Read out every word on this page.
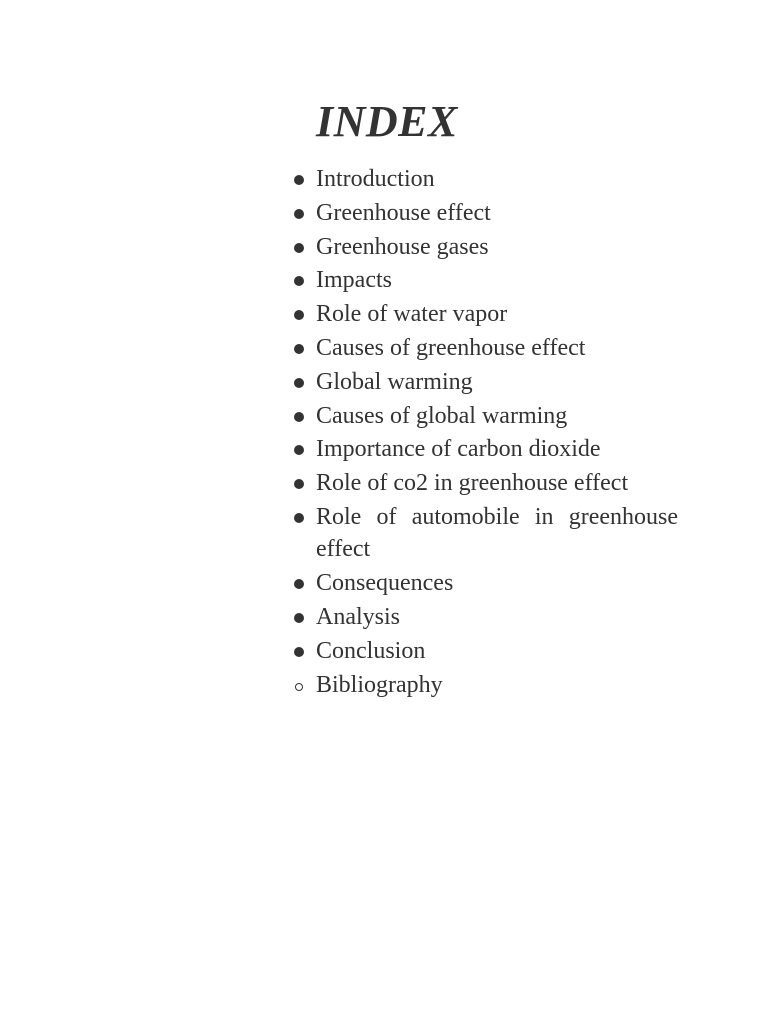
INDEX
Introduction
Greenhouse effect
Greenhouse gases
Impacts
Role of water vapor
Causes of greenhouse effect
Global warming
Causes of global warming
Importance of carbon dioxide
Role of co2 in greenhouse effect
Role of automobile in greenhouse effect
Consequences
Analysis
Conclusion
Bibliography
